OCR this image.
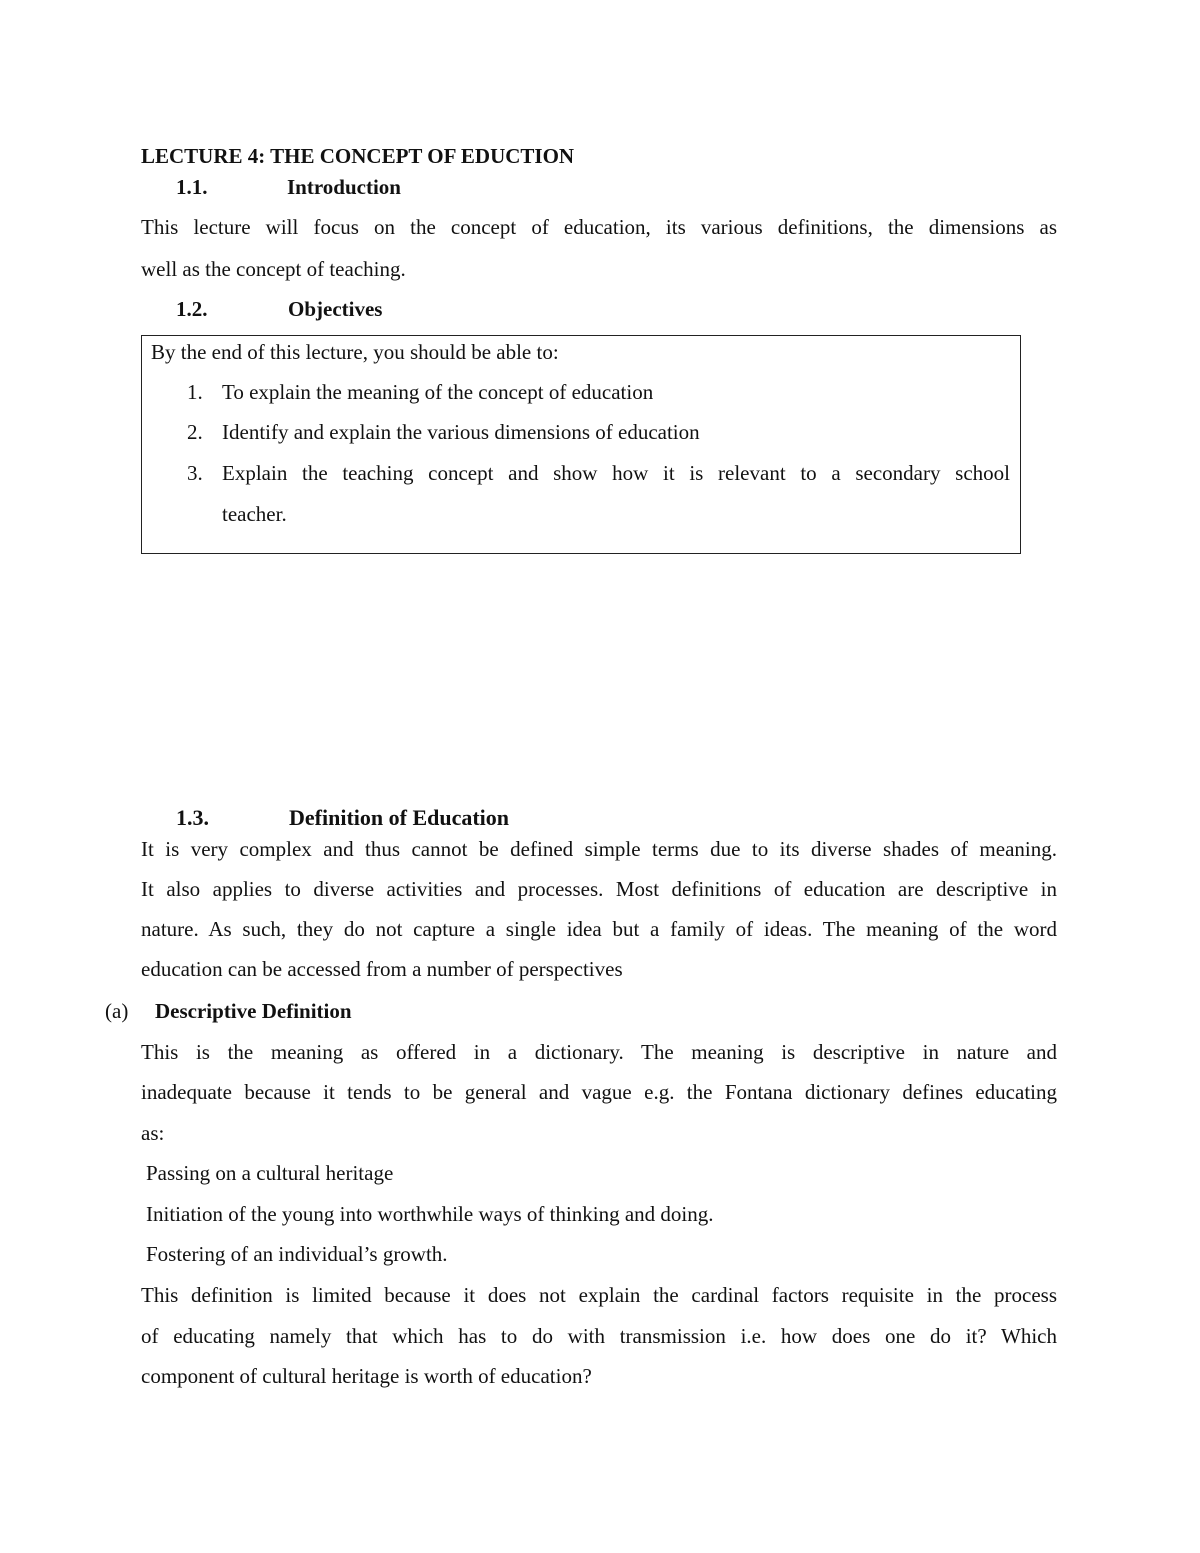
LECTURE 4: THE CONCEPT OF EDUCTION
1.1.	Introduction
This lecture will focus on the concept of education, its various definitions, the dimensions as
well as the concept of teaching.
1.2.	Objectives
By the end of this lecture, you should be able to:
1. To explain the meaning of the concept of education
2. Identify and explain the various dimensions of education
3. Explain the teaching concept and show how it is relevant to a secondary school
teacher.
1.3.	Definition of Education
It is very complex and thus cannot be defined simple terms due to its diverse shades of meaning.
It also applies to diverse activities and processes. Most definitions of education are descriptive in
nature. As such, they do not capture a single idea but a family of ideas. The meaning of the word
education can be accessed from a number of perspectives
(a) Descriptive Definition
This is the meaning as offered in a dictionary. The meaning is descriptive in nature and
inadequate because it tends to be general and vague e.g. the Fontana dictionary defines educating
as:
Passing on a cultural heritage
Initiation of the young into worthwhile ways of thinking and doing.
Fostering of an individual’s growth.
This definition is limited because it does not explain the cardinal factors requisite in the process
of educating namely that which has to do with transmission i.e. how does one do it? Which
component of cultural heritage is worth of education?
